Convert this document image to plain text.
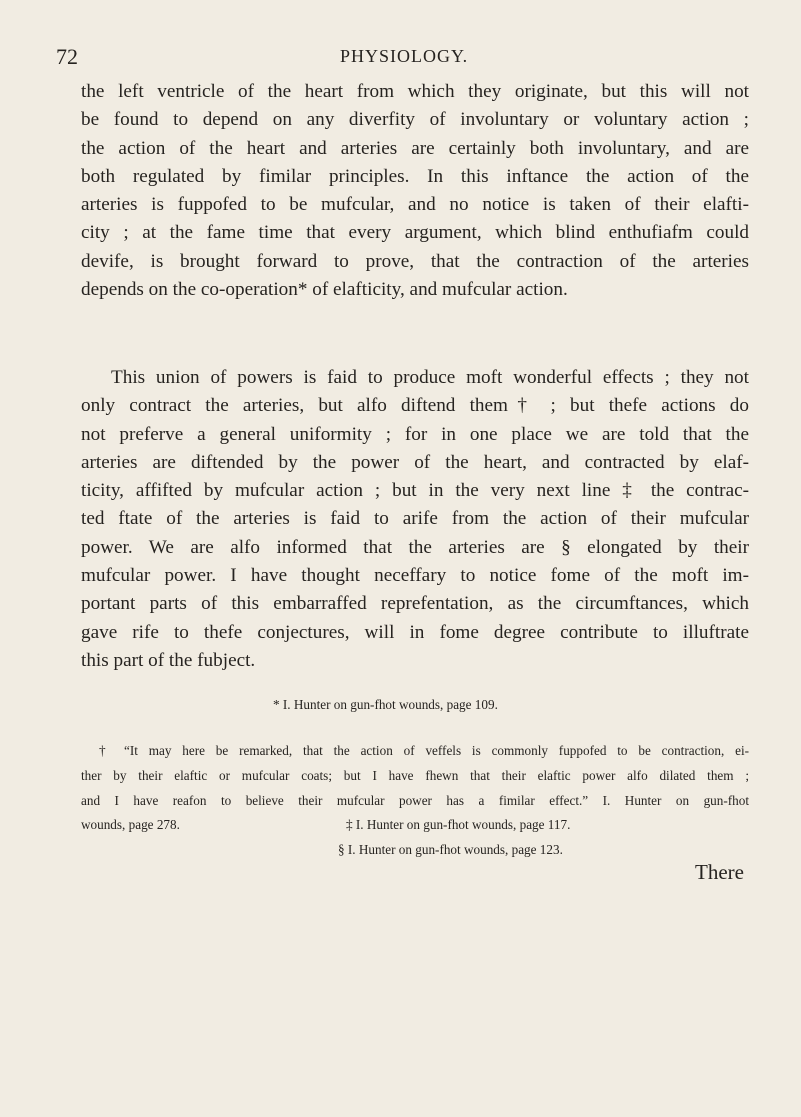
72	PHYSIOLOGY.
the left ventricle of the heart from which they originate, but this will not
be found to depend on any diverfity of involuntary or voluntary action ;
the action of the heart and arteries are certainly both involuntary, and are
both regulated by fimilar principles. In this inftance the action of the
arteries is fuppofed to be mufcular, and no notice is taken of their elafti-
city ; at the fame time that every argument, which blind enthufiafm could
devife, is brought forward to prove, that the contraction of the arteries
depends on the co-operation* of elafticity, and mufcular action.
This union of powers is faid to produce moft wonderful effects ; they not
only contract the arteries, but alfo diftend them† ; but thefe actions do
not preferve a general uniformity ; for in one place we are told that the
arteries are diftended by the power of the heart, and contracted by elaf-
ticity, affifted by mufcular action ; but in the very next line ‡ the contrac-
ted ftate of the arteries is faid to arife from the action of their mufcular
power. We are alfo informed that the arteries are § elongated by their
mufcular power. I have thought neceffary to notice fome of the moft im-
portant parts of this embarraffed reprefentation, as the circumftances, which
gave rife to thefe conjectures, will in fome degree contribute to illuftrate
this part of the fubject.
* I. Hunter on gun-fhot wounds, page 109.
† “It may here be remarked, that the action of veffels is commonly fuppofed to be contraction, ei-
ther by their elaftic or mufcular coats; but I have fhewn that their elaftic power alfo dilated them ;
and I have reafon to believe their mufcular power has a fimilar effect.” I. Hunter on gun-fhot
wounds, page 278.	‡ I. Hunter on gun-fhot wounds, page 117.
§ I. Hunter on gun-fhot wounds, page 123.
There
